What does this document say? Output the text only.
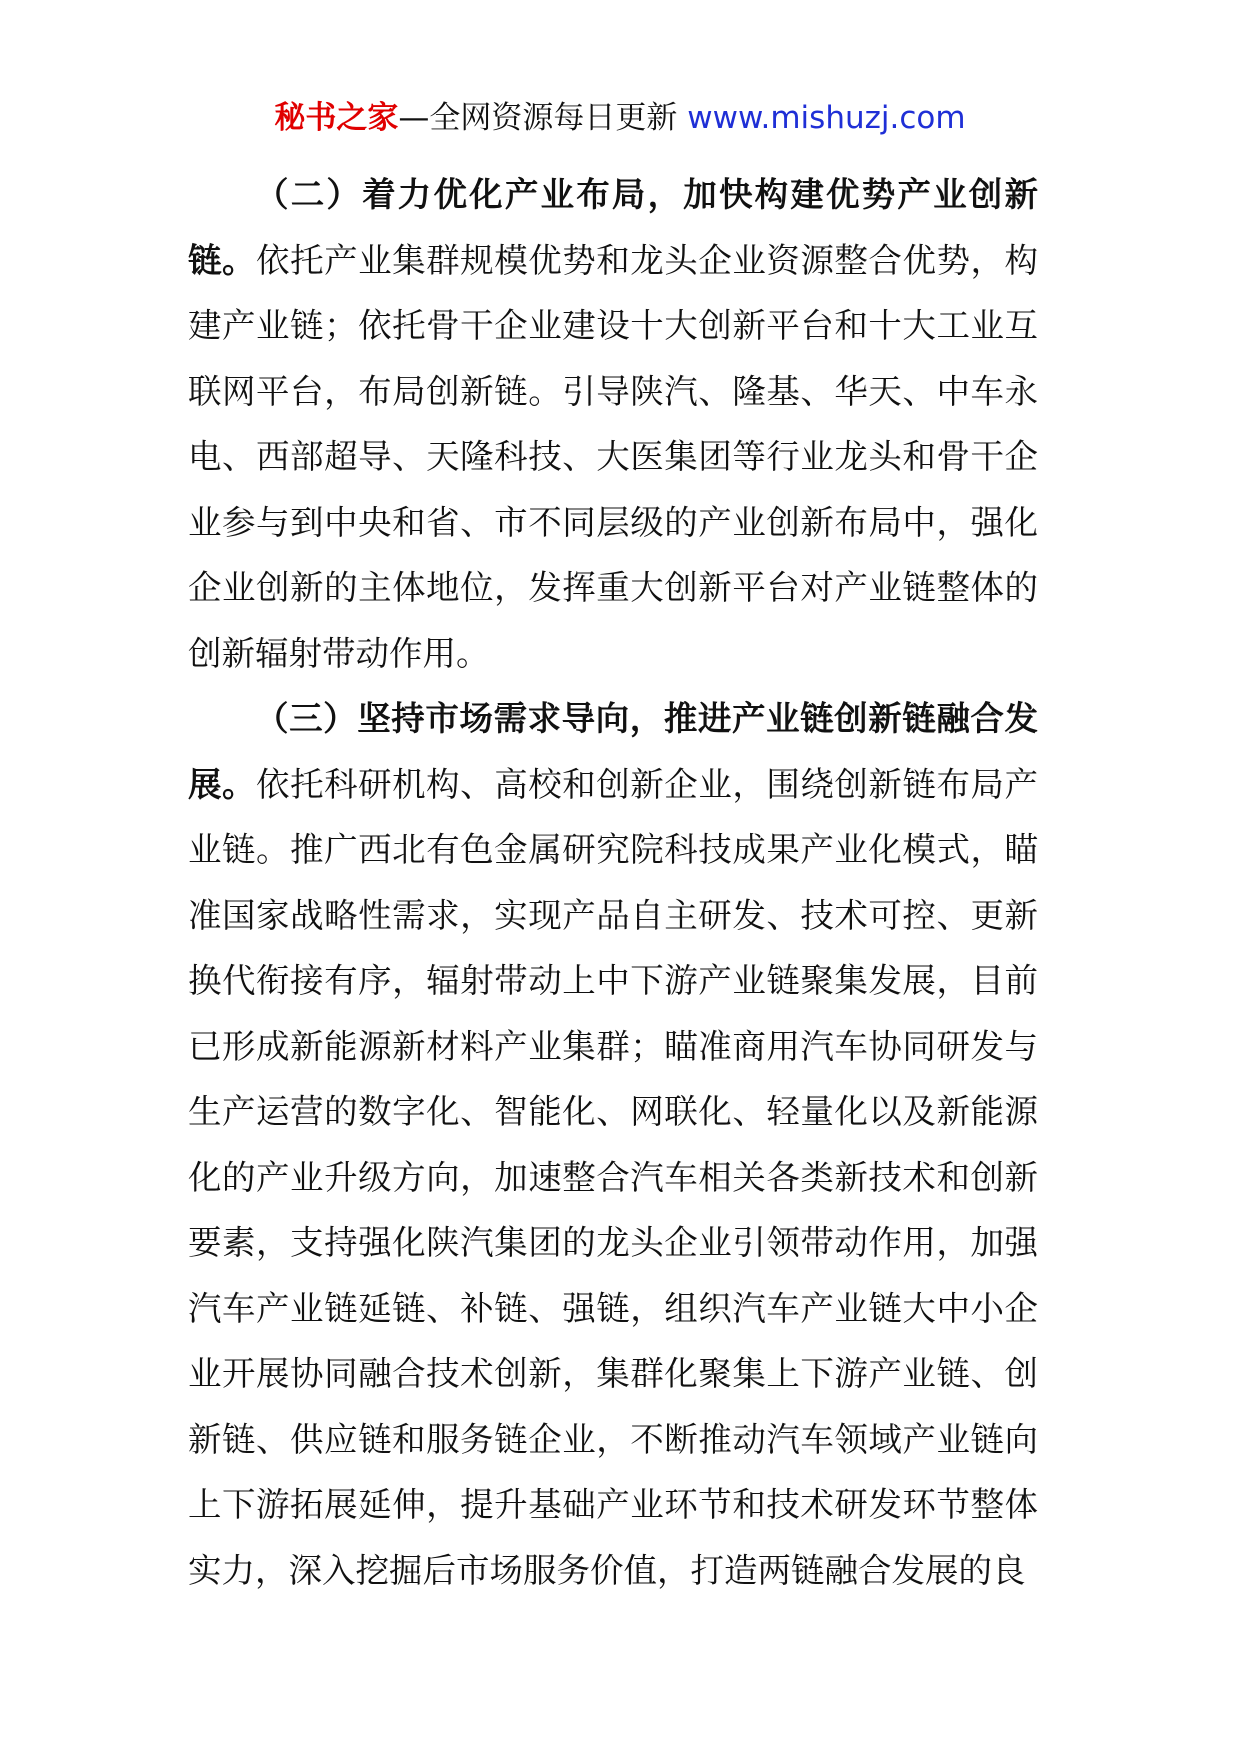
秘书之家—全网资源每日更新 www.mishuzj.com

（二）着力优化产业布局，加快构建优势产业创新链。依托产业集群规模优势和龙头企业资源整合优势，构建产业链；依托骨干企业建设十大创新平台和十大工业互联网平台，布局创新链。引导陕汽、隆基、华天、中车永电、西部超导、天隆科技、大医集团等行业龙头和骨干企业参与到中央和省、市不同层级的产业创新布局中，强化企业创新的主体地位，发挥重大创新平台对产业链整体的创新辐射带动作用。

（三）坚持市场需求导向，推进产业链创新链融合发展。依托科研机构、高校和创新企业，围绕创新链布局产业链。推广西北有色金属研究院科技成果产业化模式，瞄准国家战略性需求，实现产品自主研发、技术可控、更新换代衔接有序，辐射带动上中下游产业链聚集发展，目前已形成新能源新材料产业集群；瞄准商用汽车协同研发与生产运营的数字化、智能化、网联化、轻量化以及新能源化的产业升级方向，加速整合汽车相关各类新技术和创新要素，支持强化陕汽集团的龙头企业引领带动作用，加强汽车产业链延链、补链、强链，组织汽车产业链大中小企业开展协同融合技术创新，集群化聚集上下游产业链、创新链、供应链和服务链企业，不断推动汽车领域产业链向上下游拓展延伸，提升基础产业环节和技术研发环节整体实力，深入挖掘后市场服务价值，打造两链融合发展的良
